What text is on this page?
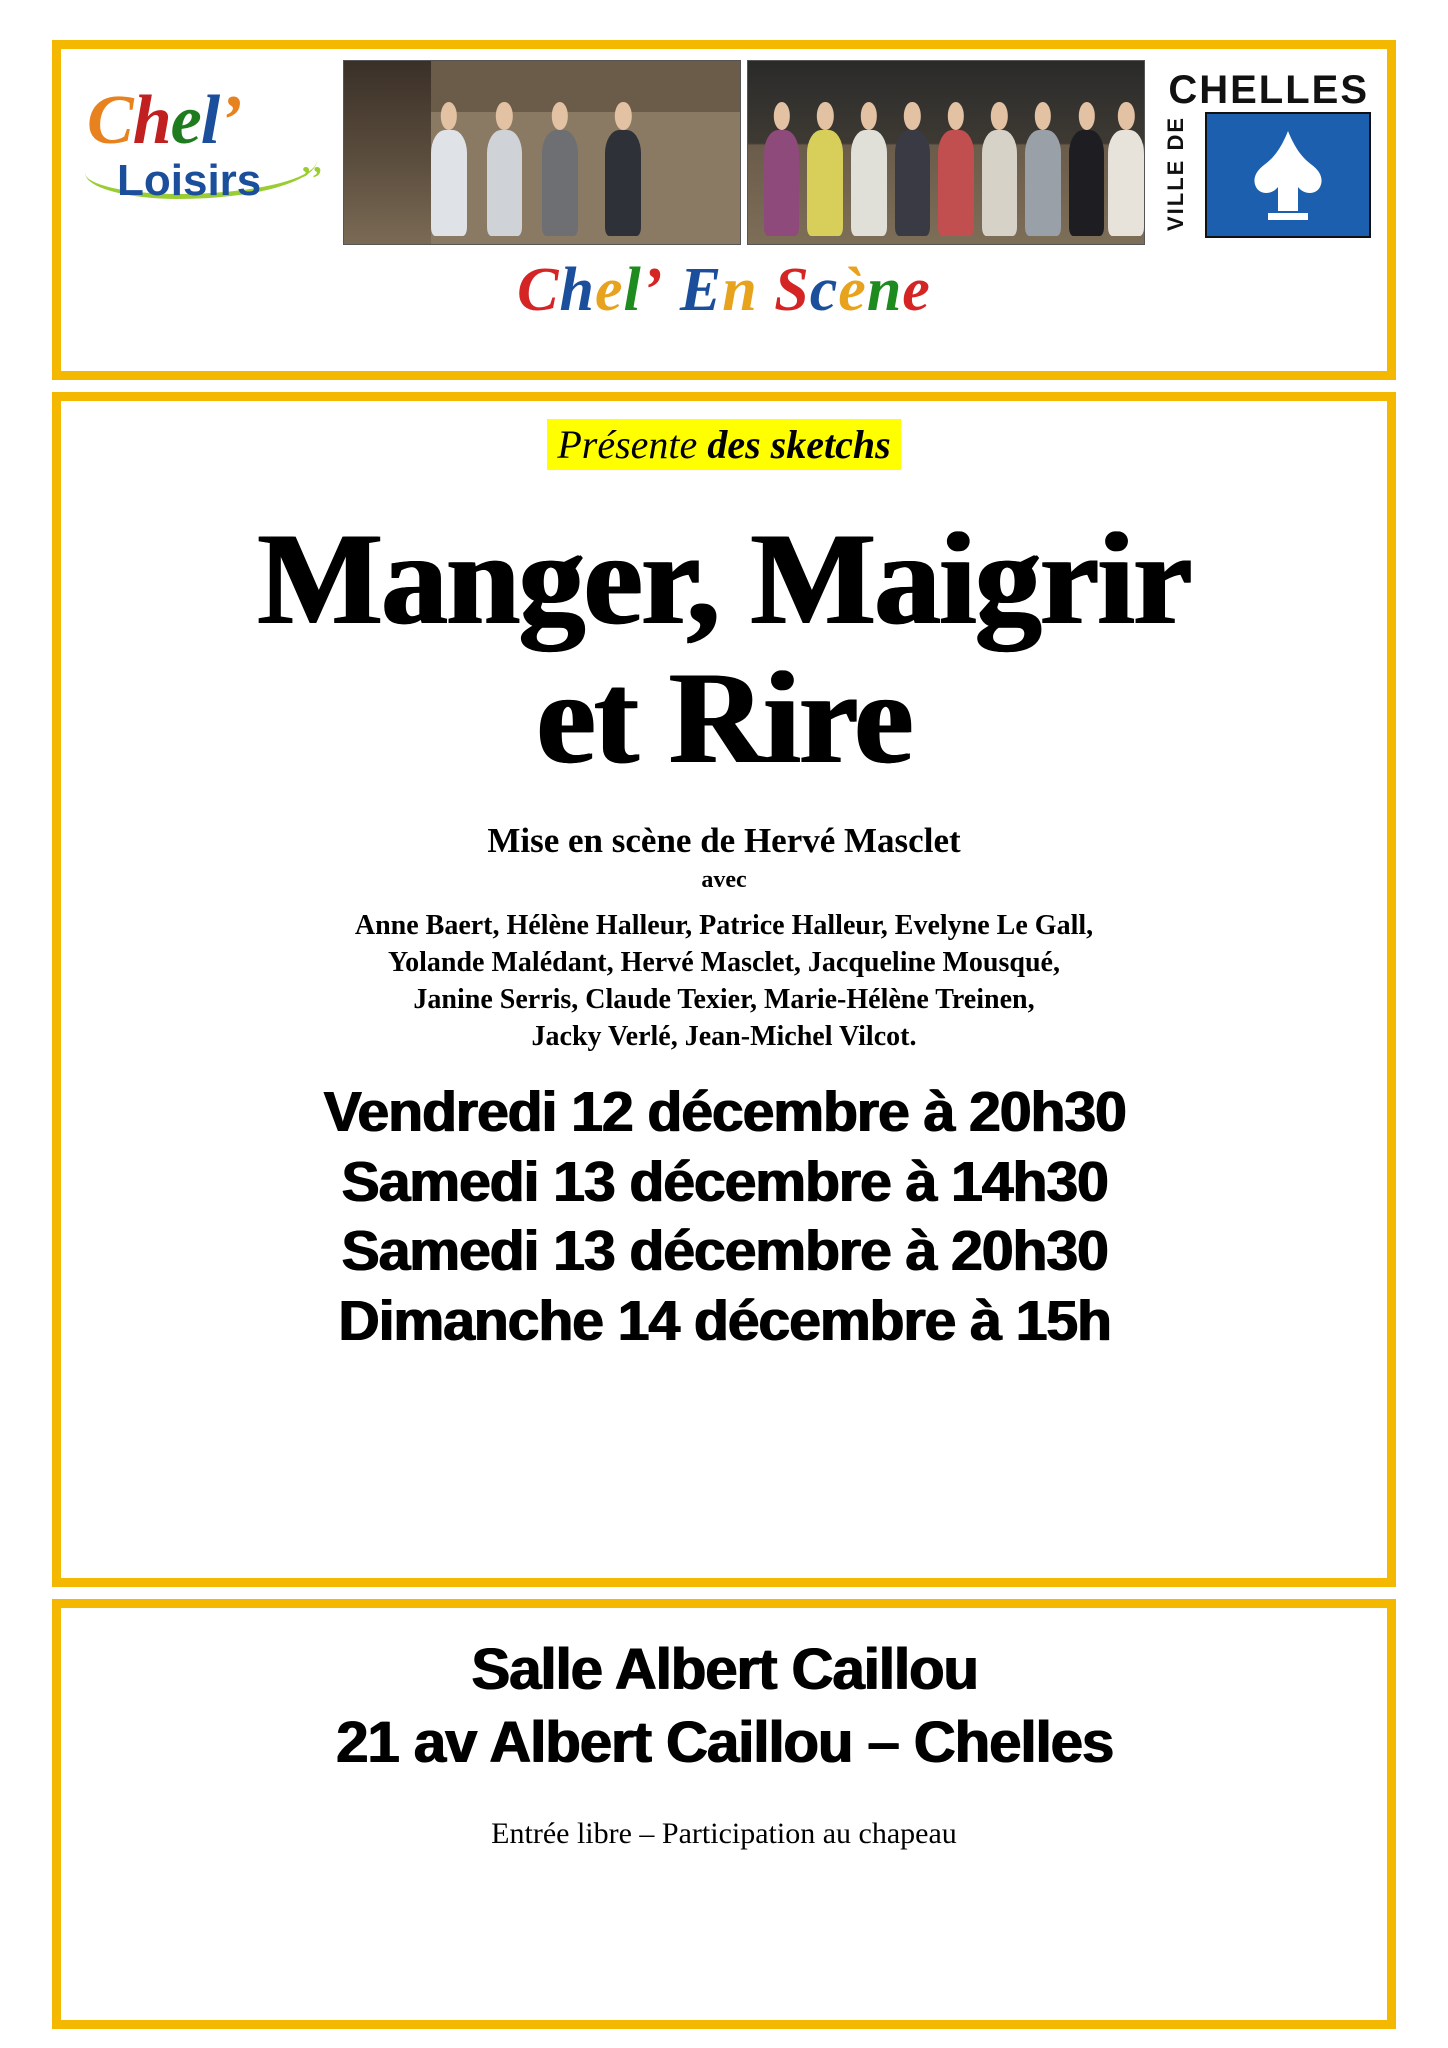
Chel’
Loisirs ‚‚
CHELLES
VILLE DE
Chel’ En Scène
Présente des sketchs
Manger, Maigrir
et Rire
Mise en scène de Hervé Masclet
avec
Anne Baert, Hélène Halleur, Patrice Halleur, Evelyne Le Gall,
Yolande Malédant, Hervé Masclet, Jacqueline Mousqué,
Janine Serris, Claude Texier, Marie-Hélène Treinen,
Jacky Verlé, Jean-Michel Vilcot.
Vendredi 12 décembre à 20h30
Samedi 13 décembre à 14h30
Samedi 13 décembre à 20h30
Dimanche 14 décembre à 15h
Salle Albert Caillou
21 av Albert Caillou – Chelles
Entrée libre – Participation au chapeau
